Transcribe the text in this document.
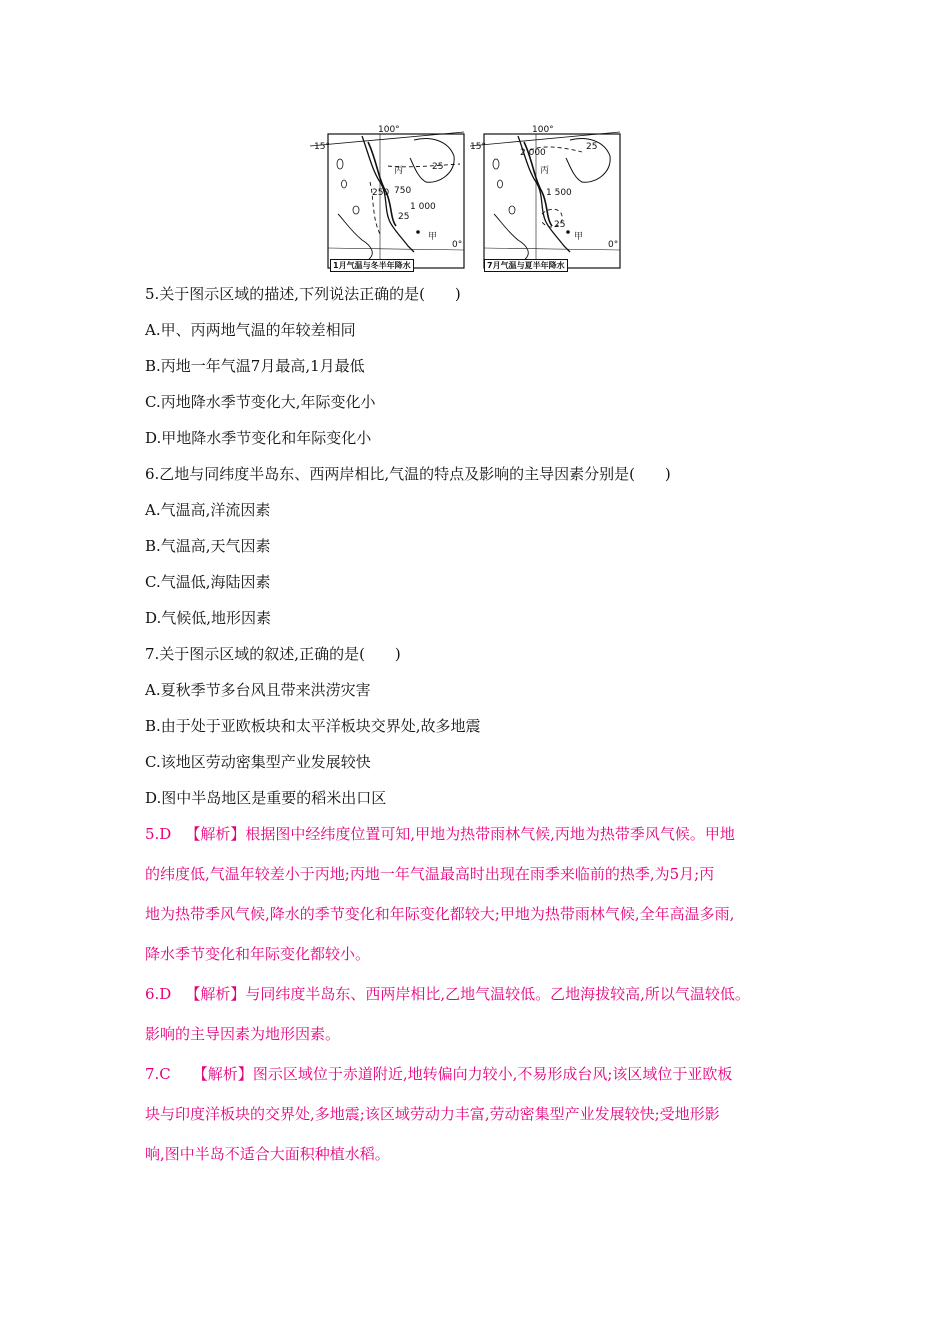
100°
15°
0°
丙
250 750
25
1 000
25
甲
1月气温与冬半年降水
100°
15°
0°
2 000
丙
1 500
25
25
甲
7月气温与夏半年降水
5.关于图示区域的描述,下列说法正确的是(　　)
A.甲、丙两地气温的年较差相同
B.丙地一年气温7月最高,1月最低
C.丙地降水季节变化大,年际变化小
D.甲地降水季节变化和年际变化小
6.乙地与同纬度半岛东、西两岸相比,气温的特点及影响的主导因素分别是(　　)
A.气温高,洋流因素
B.气温高,天气因素
C.气温低,海陆因素
D.气候低,地形因素
7.关于图示区域的叙述,正确的是(　　)
A.夏秋季节多台风且带来洪涝灾害
B.由于处于亚欧板块和太平洋板块交界处,故多地震
C.该地区劳动密集型产业发展较快
D.图中半岛地区是重要的稻米出口区
5.D 【解析】根据图中经纬度位置可知,甲地为热带雨林气候,丙地为热带季风气候。甲地
的纬度低,气温年较差小于丙地;丙地一年气温最高时出现在雨季来临前的热季,为5月;丙
地为热带季风气候,降水的季节变化和年际变化都较大;甲地为热带雨林气候,全年高温多雨,
降水季节变化和年际变化都较小。
6.D 【解析】与同纬度半岛东、西两岸相比,乙地气温较低。乙地海拔较高,所以气温较低。
影响的主导因素为地形因素。
7.C 【解析】图示区域位于赤道附近,地转偏向力较小,不易形成台风;该区域位于亚欧板
块与印度洋板块的交界处,多地震;该区域劳动力丰富,劳动密集型产业发展较快;受地形影
响,图中半岛不适合大面积种植水稻。
